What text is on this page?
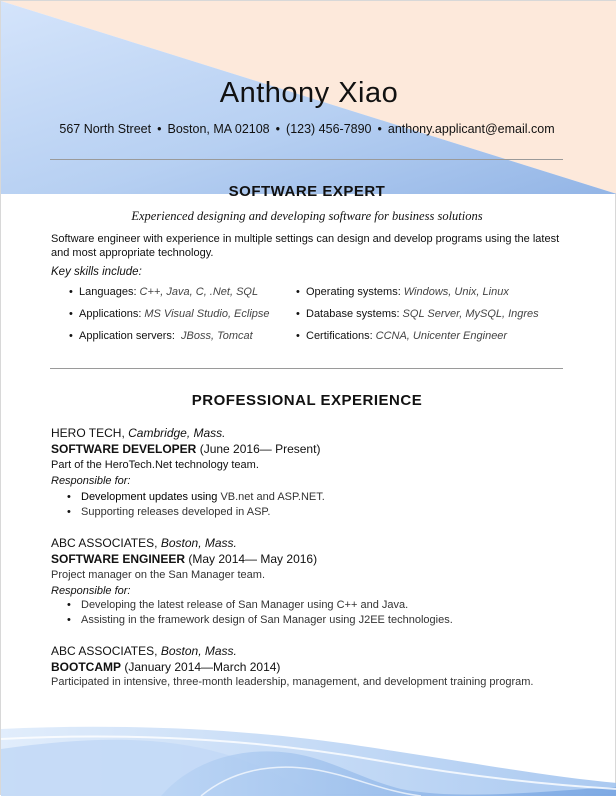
Anthony Xiao
567 North Street • Boston, MA 02108 • (123) 456-7890 • anthony.applicant@email.com
SOFTWARE EXPERT
Experienced designing and developing software for business solutions
Software engineer with experience in multiple settings can design and develop programs using the latest and most appropriate technology.
Key skills include:
• Languages: C++, Java, C, .Net, SQL	• Operating systems: Windows, Unix, Linux
• Applications: MS Visual Studio, Eclipse • Database systems: SQL Server, MySQL, Ingres
• Application servers: JBoss, Tomcat	• Certifications: CCNA, Unicenter Engineer
PROFESSIONAL EXPERIENCE
HERO TECH, Cambridge, Mass.
SOFTWARE DEVELOPER (June 2016— Present)
Part of the HeroTech.Net technology team.
Responsible for:
• Development updates using VB.net and ASP.NET.
• Supporting releases developed in ASP.
ABC ASSOCIATES, Boston, Mass.
SOFTWARE ENGINEER (May 2014— May 2016)
Project manager on the San Manager team.
Responsible for:
• Developing the latest release of San Manager using C++ and Java.
• Assisting in the framework design of San Manager using J2EE technologies.
ABC ASSOCIATES, Boston, Mass.
BOOTCAMP (January 2014—March 2014)
Participated in intensive, three-month leadership, management, and development training program.
